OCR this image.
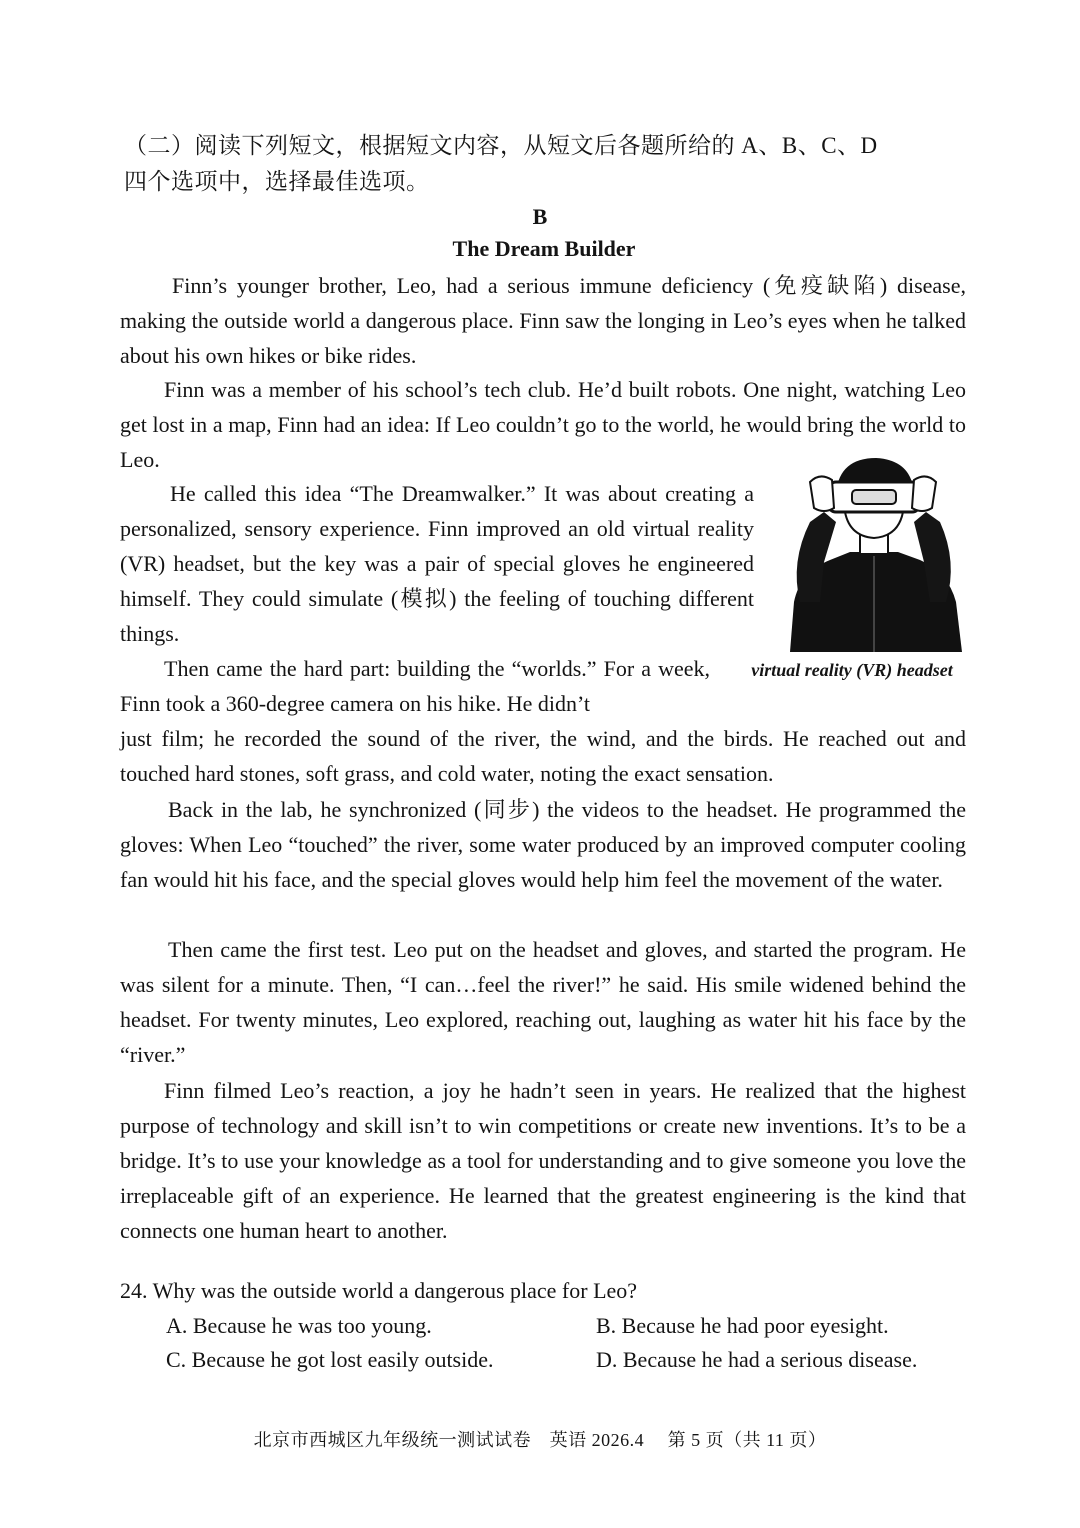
（二）阅读下列短文，根据短文内容，从短文后各题所给的 A、B、C、D
四个选项中，选择最佳选项。
B
The Dream Builder
Finn’s younger brother, Leo, had a serious immune deficiency (免疫缺陷) disease, making the outside world a dangerous place. Finn saw the longing in Leo’s eyes when he talked about his own hikes or bike rides.
Finn was a member of his school’s tech club. He’d built robots. One night, watching Leo get lost in a map, Finn had an idea: If Leo couldn’t go to the world, he would bring the world to Leo.
He called this idea “The Dreamwalker.” It was about creating a personalized, sensory experience. Finn improved an old virtual reality (VR) headset, but the key was a pair of special gloves he engineered himself. They could simulate (模拟) the feeling of touching different things.
virtual reality (VR) headset
Then came the hard part: building the “worlds.” For a week, Finn took a 360-degree camera on his hike. He didn’t
just film; he recorded the sound of the river, the wind, and the birds. He reached out and touched hard stones, soft grass, and cold water, noting the exact sensation.
Back in the lab, he synchronized (同步) the videos to the headset. He programmed the gloves: When Leo “touched” the river, some water produced by an improved computer cooling fan would hit his face, and the special gloves would help him feel the movement of the water.
Then came the first test. Leo put on the headset and gloves, and started the program. He was silent for a minute. Then, “I can…feel the river!” he said. His smile widened behind the headset. For twenty minutes, Leo explored, reaching out, laughing as water hit his face by the “river.”
Finn filmed Leo’s reaction, a joy he hadn’t seen in years. He realized that the highest purpose of technology and skill isn’t to win competitions or create new inventions. It’s to be a bridge. It’s to use your knowledge as a tool for understanding and to give someone you love the irreplaceable gift of an experience. He learned that the greatest engineering is the kind that connects one human heart to another.
24. Why was the outside world a dangerous place for Leo?
A. Because he was too young.	B. Because he had poor eyesight.
C. Because he got lost easily outside.	D. Because he had a serious disease.
北京市西城区九年级统一测试试卷　英语 2026.4　 第 5 页（共 11 页）
